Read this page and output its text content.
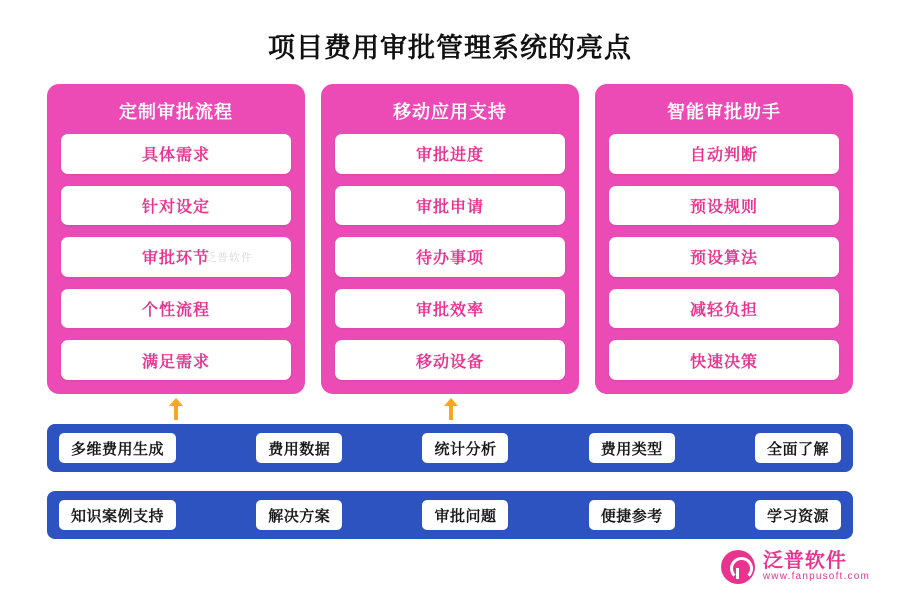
项目费用审批管理系统的亮点
定制审批流程
具体需求
针对设定
审批环节
泛普软件
个性流程
满足需求
移动应用支持
审批进度
审批申请
待办事项
审批效率
移动设备
智能审批助手
自动判断
预设规则
预设算法
减轻负担
快速决策
多维费用生成	费用数据	统计分析	费用类型	全面了解
知识案例支持	解决方案	审批问题	便捷参考	学习资源
泛普软件
www.fanpusoft.com
